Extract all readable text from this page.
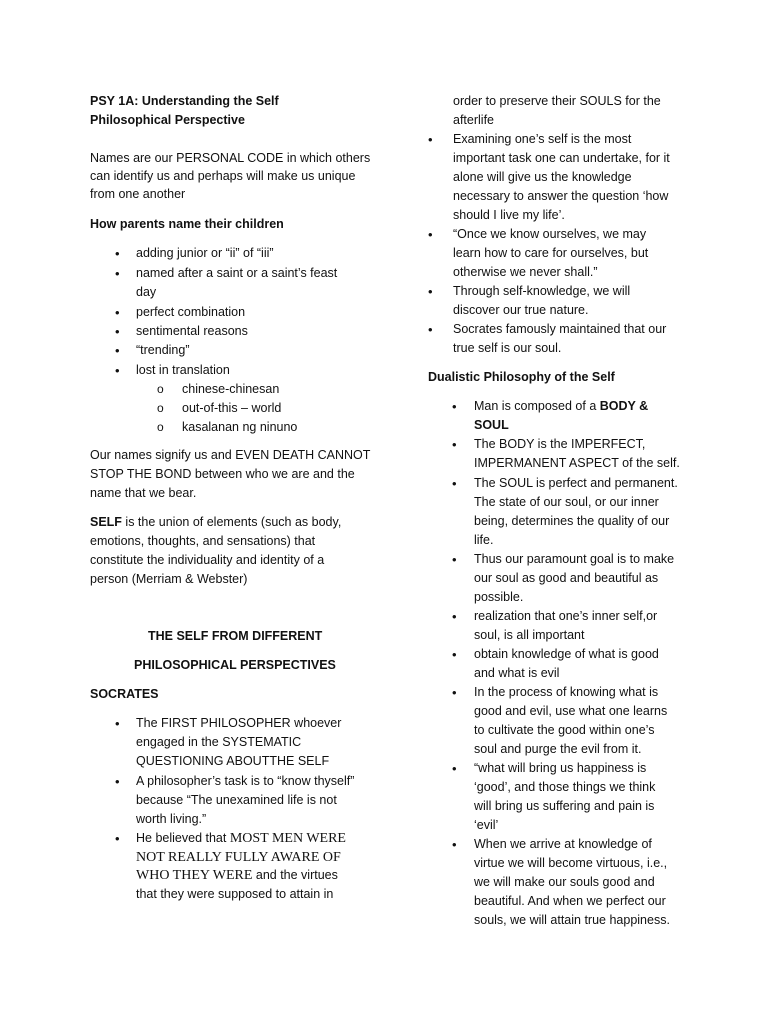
PSY 1A: Understanding the Self
Philosophical Perspective
Names are our PERSONAL CODE in which others
can identify us and perhaps will make us unique
from one another
How parents name their children
• adding junior or “ii” of “iii”
• named after a saint or a saint’s feast
day
• perfect combination
• sentimental reasons
• “trending”
• lost in translation
o chinese-chinesan
o out-of-this – world
o kasalanan ng ninuno
Our names signify us and EVEN DEATH CANNOT
STOP THE BOND between who we are and the
name that we bear.
SELF is the union of elements (such as body,
emotions, thoughts, and sensations) that
constitute the individuality and identity of a
person (Merriam & Webster)
THE SELF FROM DIFFERENT
PHILOSOPHICAL PERSPECTIVES
SOCRATES
• The FIRST PHILOSOPHER whoever
engaged in the SYSTEMATIC
QUESTIONING ABOUTTHE SELF
• A philosopher’s task is to “know thyself”
because “The unexamined life is not
worth living.”
• He believed that MOST MEN WERE
NOT REALLY FULLY AWARE OF
WHO THEY WERE and the virtues
that they were supposed to attain in
order to preserve their SOULS for the
afterlife
• Examining one’s self is the most
important task one can undertake, for it
alone will give us the knowledge
necessary to answer the question ‘how
should I live my life’.
• “Once we know ourselves, we may
learn how to care for ourselves, but
otherwise we never shall.”
• Through self-knowledge, we will
discover our true nature.
• Socrates famously maintained that our
true self is our soul.
Dualistic Philosophy of the Self
• Man is composed of a BODY &
SOUL
• The BODY is the IMPERFECT,
IMPERMANENT ASPECT of the self.
• The SOUL is perfect and permanent.
The state of our soul, or our inner
being, determines the quality of our
life.
• Thus our paramount goal is to make
our soul as good and beautiful as
possible.
• realization that one’s inner self,or
soul, is all important
• obtain knowledge of what is good
and what is evil
• In the process of knowing what is
good and evil, use what one learns
to cultivate the good within one’s
soul and purge the evil from it.
• “what will bring us happiness is
‘good’, and those things we think
will bring us suffering and pain is
‘evil’
• When we arrive at knowledge of
virtue we will become virtuous, i.e.,
we will make our souls good and
beautiful. And when we perfect our
souls, we will attain true happiness.
